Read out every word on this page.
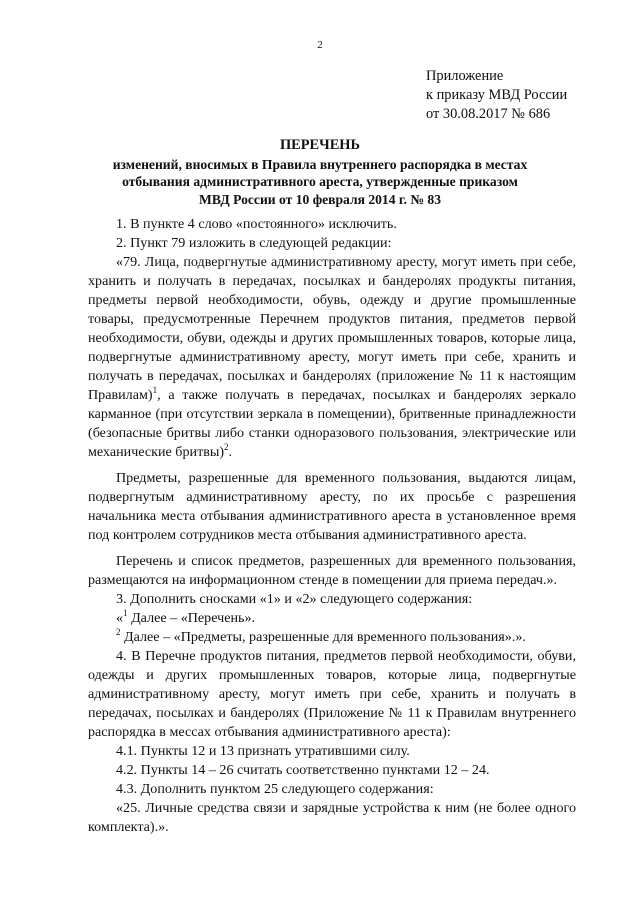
2
Приложение
к приказу МВД России
от 30.08.2017 № 686
ПЕРЕЧЕНЬ
изменений, вносимых в Правила внутреннего распорядка в местах
отбывания административного ареста, утвержденные приказом
МВД России от 10 февраля 2014 г. № 83

1. В пункте 4 слово «постоянного» исключить.

2. Пункт 79 изложить в следующей редакции:

«79. Лица, подвергнутые административному аресту, могут иметь при себе, хранить и получать в передачах, посылках и бандеролях продукты питания, предметы первой необходимости, обувь, одежду и другие промышленные товары, предусмотренные Перечнем продуктов питания, предметов первой необходимости, обуви, одежды и других промышленных товаров, которые лица, подвергнутые административному аресту, могут иметь при себе, хранить и получать в передачах, посылках и бандеролях (приложение № 11 к настоящим Правилам)$^1$, а также получать в передачах, посылках и бандеролях зеркало карманное (при отсутствии зеркала в помещении), бритвенные принадлежности (безопасные бритвы либо станки одноразового пользования, электрические или механические бритвы)$^2$.

Предметы, разрешенные для временного пользования, выдаются лицам, подвергнутым административному аресту, по их просьбе с разрешения начальника места отбывания административного ареста в установленное время под контролем сотрудников места отбывания административного ареста.

Перечень и список предметов, разрешенных для временного пользования, размещаются на информационном стенде в помещении для приема передач.».

3. Дополнить сносками «1» и «2» следующего содержания:

«$^1$ Далее – «Перечень».

$^2$ Далее – «Предметы, разрешенные для временного пользования».».

4. В Перечне продуктов питания, предметов первой необходимости, обуви, одежды и других промышленных товаров, которые лица, подвергнутые административному аресту, могут иметь при себе, хранить и получать в передачах, посылках и бандеролях (Приложение № 11 к Правилам внутреннего распорядка в мессах отбывания административного ареста):

4.1. Пункты 12 и 13 признать утратившими силу.

4.2. Пункты 14 – 26 считать соответственно пунктами 12 – 24.

4.3. Дополнить пунктом 25 следующего содержания:

«25. Личные средства связи и зарядные устройства к ним (не более одного комплекта).».
